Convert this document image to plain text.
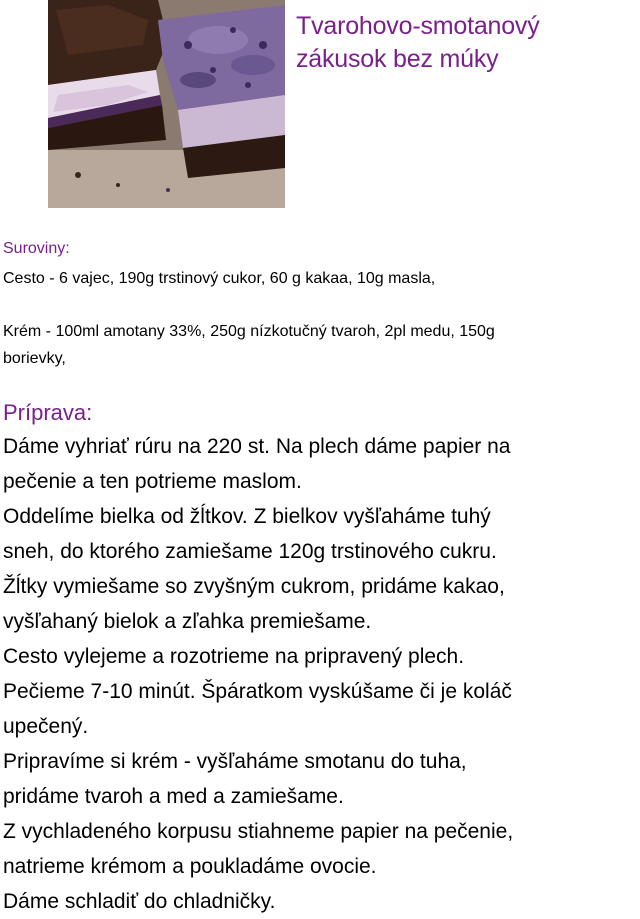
Tvarohovo-smotanový
zákusok bez múky
Suroviny:
Cesto - 6 vajec, 190g trstinový cukor, 60 g kakaa, 10g masla,
Krém - 100ml amotany 33%, 250g nízkotučný tvaroh, 2pl medu, 150g
borievky,
Príprava:
Dáme vyhriať rúru na 220 st. Na plech dáme papier na
pečenie a ten potrieme maslom.
Oddelíme bielka od žĺtkov. Z bielkov vyšľaháme tuhý
sneh, do ktorého zamiešame 120g trstinového cukru.
Žĺtky vymiešame so zvyšným cukrom, pridáme kakao,
vyšľahaný bielok a zľahka premiešame.
Cesto vylejeme a rozotrieme na pripravený plech.
Pečieme 7-10 minút. Špáratkom vyskúšame či je koláč
upečený.
Pripravíme si krém - vyšľaháme smotanu do tuha,
pridáme tvaroh a med a zamiešame.
Z vychladeného korpusu stiahneme papier na pečenie,
natrieme krémom a poukladáme ovocie.
Dáme schladiť do chladničky.
